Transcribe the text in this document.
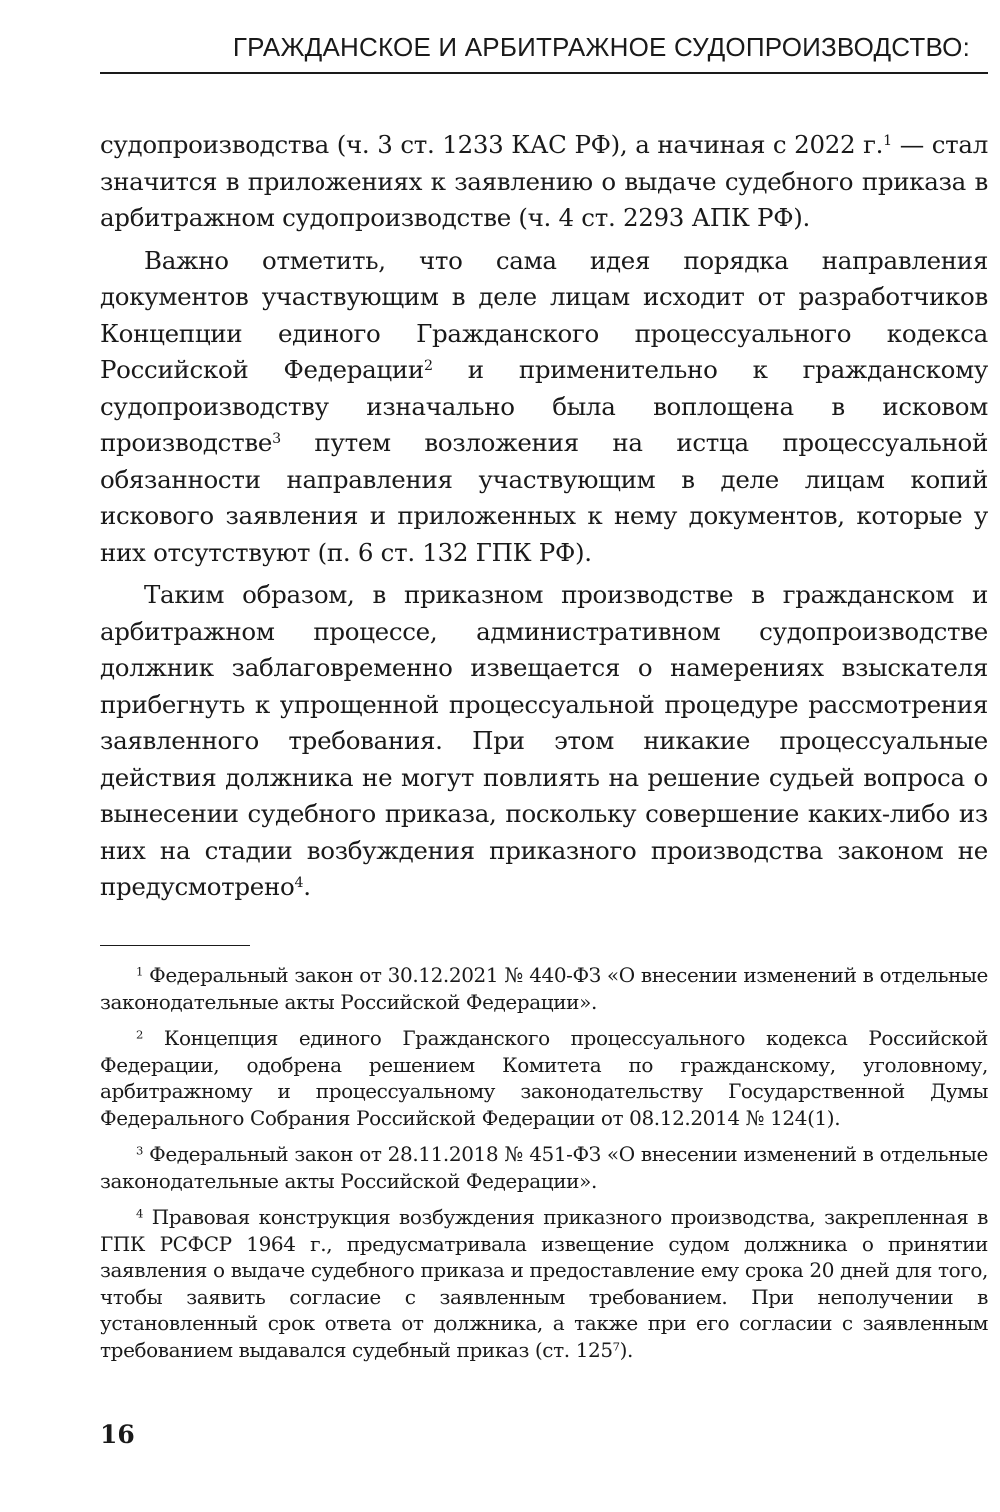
ГРАЖДАНСКОЕ И АРБИТРАЖНОЕ СУДОПРОИЗВОДСТВО:

судопроизводства (ч. 3 ст. 1233 КАС РФ), а начиная с 2022 г.$^1$ — стал значится в приложениях к заявлению о выдаче судебного приказа в арбитражном судопроизводстве (ч. 4 ст. 2293 АПК РФ).

Важно отметить, что сама идея порядка направления документов участвующим в деле лицам исходит от разработчиков Концепции единого Гражданского процессуального кодекса Российской Федерации$^2$ и применительно к гражданскому судопроизводству изначально была воплощена в исковом производстве$^3$ путем возложения на истца процессуальной обязанности направления участвующим в деле лицам копий искового заявления и приложенных к нему документов, которые у них отсутствуют (п. 6 ст. 132 ГПК РФ).

Таким образом, в приказном производстве в гражданском и арбитражном процессе, административном судопроизводстве должник заблаговременно извещается о намерениях взыскателя прибегнуть к упрощенной процессуальной процедуре рассмотрения заявленного требования. При этом никакие процессуальные действия должника не могут повлиять на решение судьей вопроса о вынесении судебного приказа, поскольку совершение каких-либо из них на стадии возбуждения приказного производства законом не предусмотрено$^4$.

$^1$ Федеральный закон от 30.12.2021 № 440-ФЗ «О внесении изменений в отдельные законодательные акты Российской Федерации».

$^2$ Концепция единого Гражданского процессуального кодекса Российской Федерации, одобрена решением Комитета по гражданскому, уголовному, арбитражному и процессуальному законодательству Государственной Думы Федерального Собрания Российской Федерации от 08.12.2014 № 124(1).

$^3$ Федеральный закон от 28.11.2018 № 451-ФЗ «О внесении изменений в отдельные законодательные акты Российской Федерации».

$^4$ Правовая конструкция возбуждения приказного производства, закрепленная в ГПК РСФСР 1964 г., предусматривала извещение судом должника о принятии заявления о выдаче судебного приказа и предоставление ему срока 20 дней для того, чтобы заявить согласие с заявленным требованием. При неполучении в установленный срок ответа от должника, а также при его согласии с заявленным требованием выдавался судебный приказ (ст. $125^7$).

16
